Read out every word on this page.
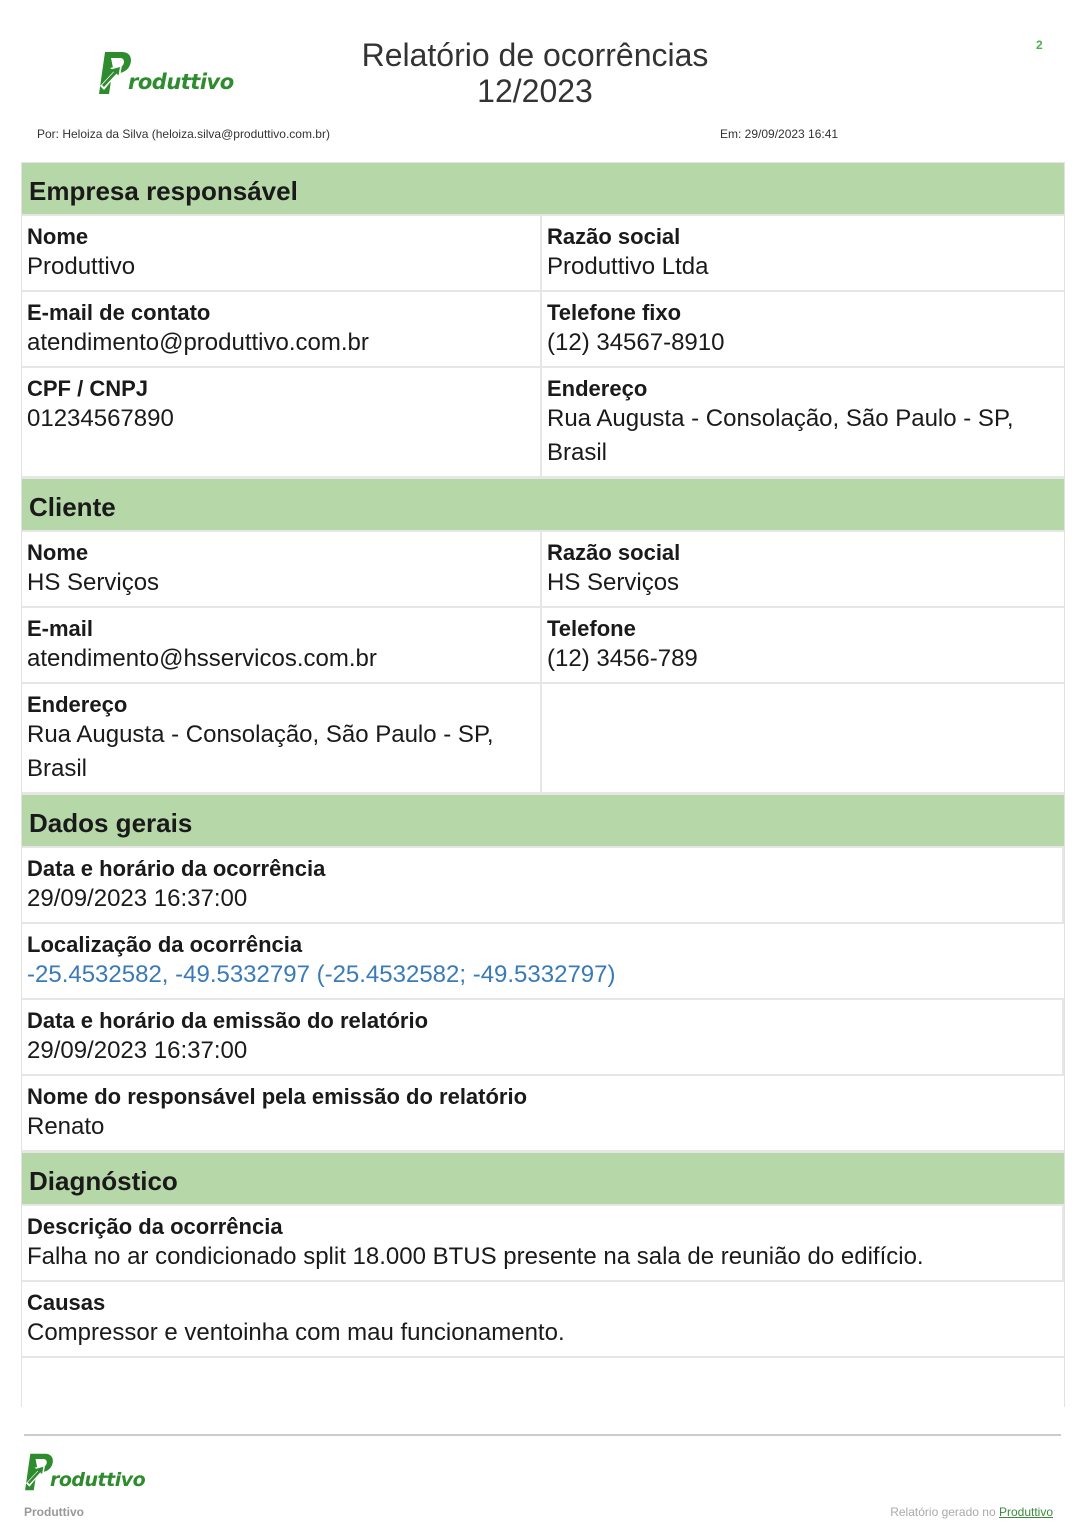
roduttivo
Relatório de ocorrências
12/2023
2
Por: Heloiza da Silva (heloiza.silva@produttivo.com.br)	Em: 29/09/2023 16:41
Empresa responsável
Nome
Produttivo
Razão social
Produttivo Ltda
E-mail de contato
atendimento@produttivo.com.br
Telefone fixo
(12) 34567-8910
CPF / CNPJ
01234567890
Endereço
Rua Augusta - Consolação, São Paulo - SP, Brasil
Cliente
Nome
HS Serviços
Razão social
HS Serviços
E-mail
atendimento@hsservicos.com.br
Telefone
(12) 3456-789
Endereço
Rua Augusta - Consolação, São Paulo - SP, Brasil
Dados gerais
Data e horário da ocorrência
29/09/2023 16:37:00
Localização da ocorrência
-25.4532582, -49.5332797 (-25.4532582; -49.5332797)
Data e horário da emissão do relatório
29/09/2023 16:37:00
Nome do responsável pela emissão do relatório
Renato
Diagnóstico
Descrição da ocorrência
Falha no ar condicionado split 18.000 BTUS presente na sala de reunião do edifício.
Causas
Compressor e ventoinha com mau funcionamento.
roduttivo
Produttivo	Relatório gerado no Produttivo
